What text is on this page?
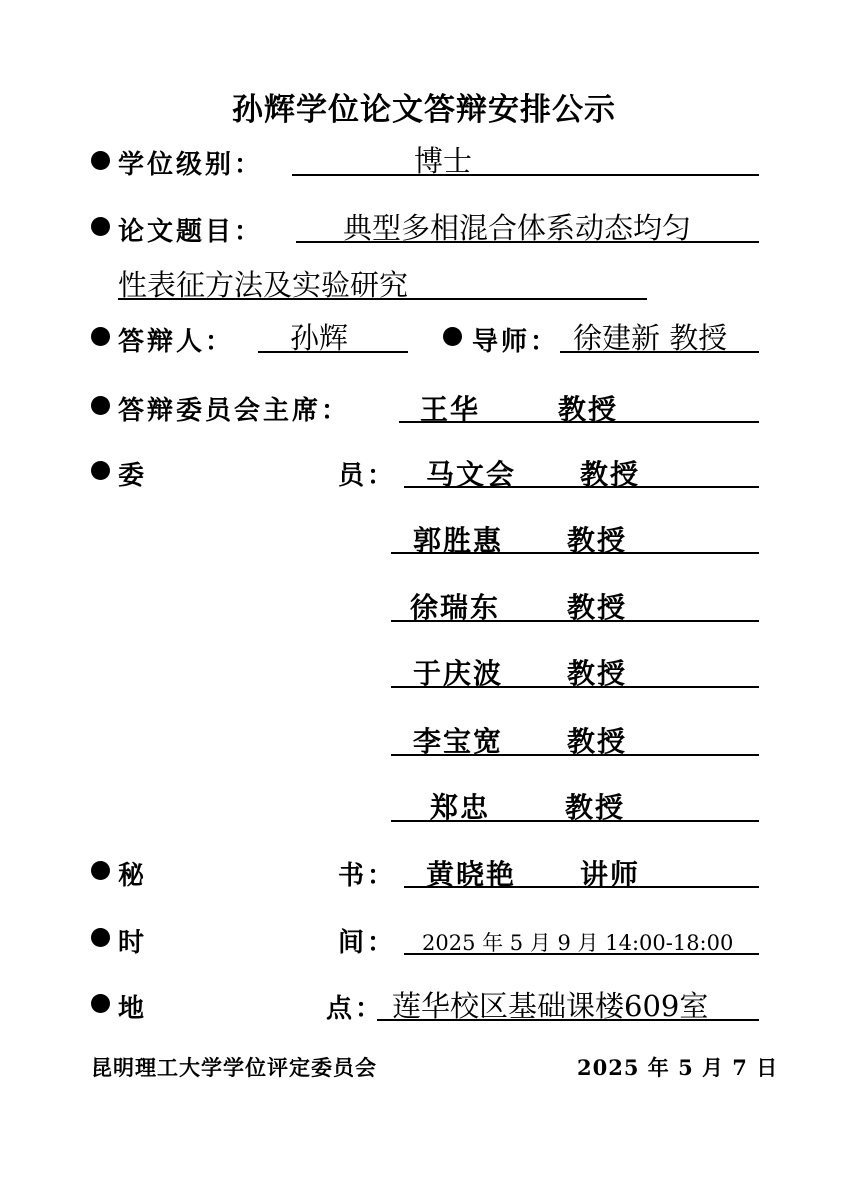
孙辉学位论文答辩安排公示
学位级别：	博士
论文题目：	典型多相混合体系动态均匀
性表征方法及实验研究
答辩人： 孙辉	导师： 徐建新 教授
答辩委员会主席： 王华	教授
委	员： 马文会 教授
郭胜惠 教授
徐瑞东 教授
于庆波 教授
李宝宽 教授
郑忠	教授
秘	书： 黄晓艳 讲师
时	间： 2025 年 5 月 9 月 14:00-18:00
地	点： 莲华校区基础课楼609室
昆明理工大学学位评定委员会	2025 年 5 月 7 日
